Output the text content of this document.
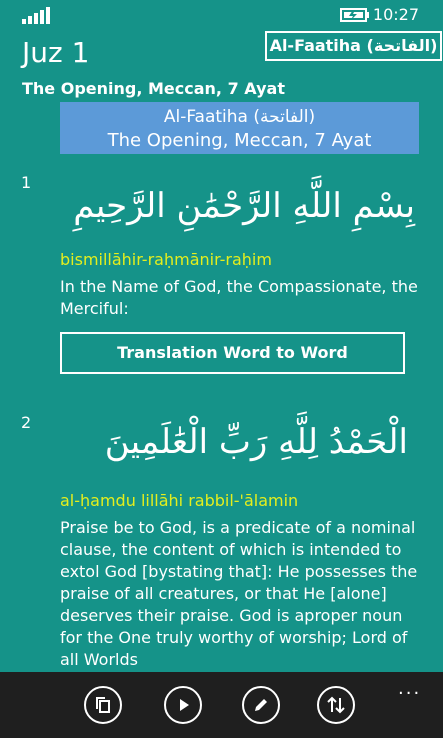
10:27
Juz 1	Al-Faatiha (الفاتحة)
The Opening, Meccan, 7 Ayat
Al-Faatiha (الفاتحة)
The Opening, Meccan, 7 Ayat
1
بِسْمِ اللَّهِ الرَّحْمَٰنِ الرَّحِيمِ
bismillāhir-raḥmānir-raḥim
In the Name of God, the Compassionate, the Merciful:
Translation Word to Word
2	الْحَمْدُ لِلَّهِ رَبِّ الْعَٰلَمِينَ
al-ḥamdu lillāhi rabbil-'ālamin
Praise be to God, is a predicate of a nominal clause, the content of which is intended to extol God [bystating that]: He possesses the praise of all creatures, or that He [alone] deserves their praise. God is aproper noun for the One truly worthy of worship; Lord of all Worlds
...
